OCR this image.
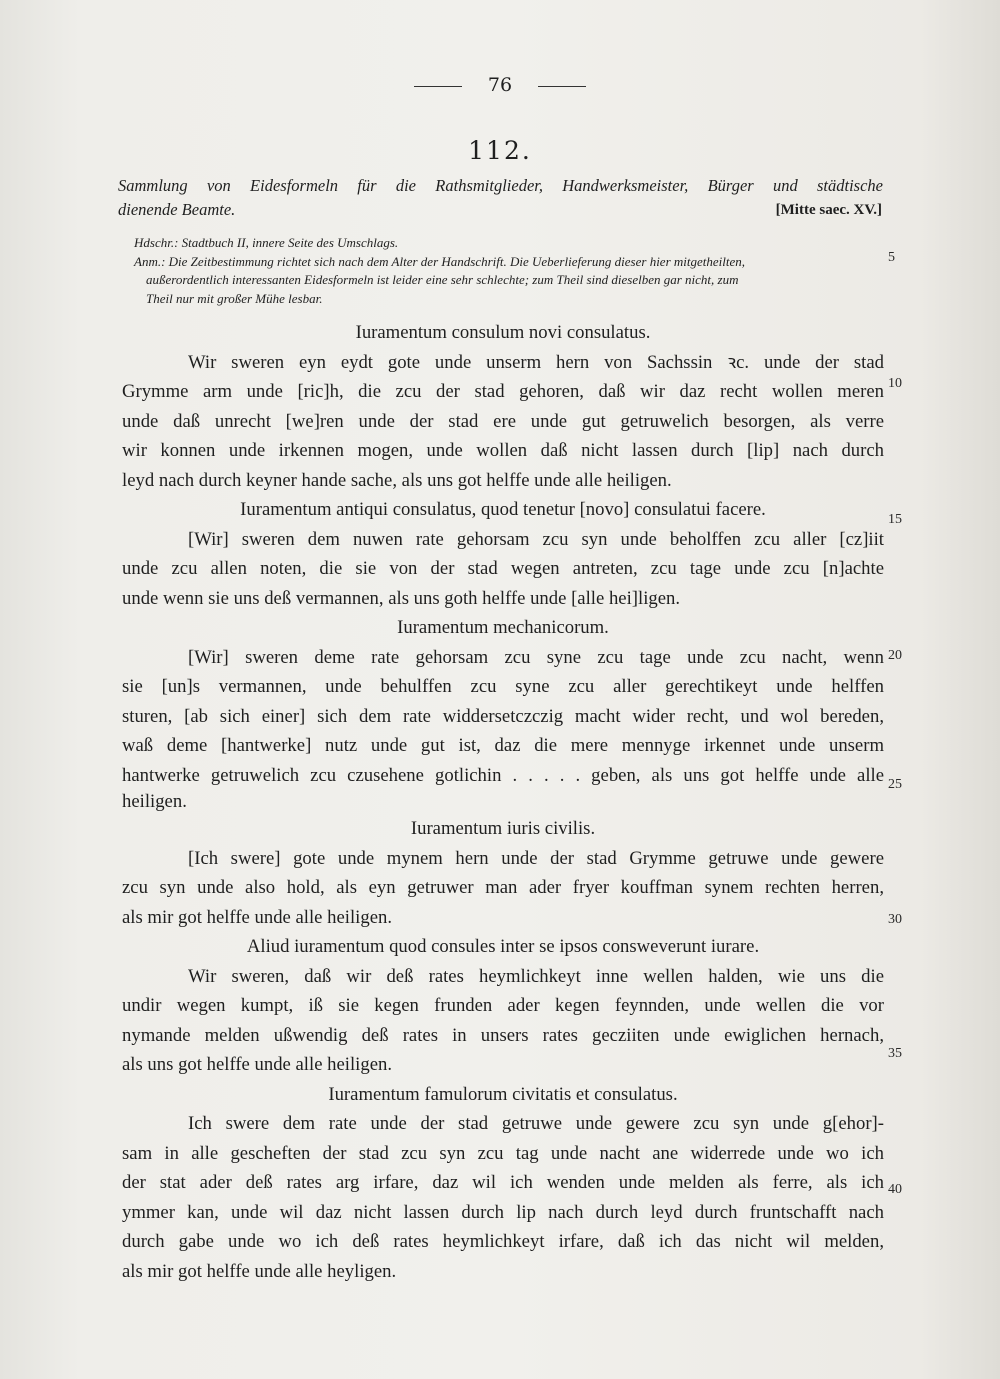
76
112.
Sammlung von Eidesformeln für die Rathsmitglieder, Handwerksmeister, Bürger und städtische
dienende Beamte.	[Mitte saec. XV.]
Hdschr.: Stadtbuch II, innere Seite des Umschlags.
Anm.: Die Zeitbestimmung richtet sich nach dem Alter der Handschrift. Die Ueberlieferung dieser hier mitgetheilten,
außerordentlich interessanten Eidesformeln ist leider eine sehr schlechte; zum Theil sind dieselben gar nicht, zum
Theil nur mit großer Mühe lesbar.
5
Iuramentum consulum novi consulatus.
Wir sweren eyn eydt gote unde unserm hern von Sachssin ꝛc. unde der stad
Grymme arm unde [ric]h, die zcu der stad gehoren, daß wir daz recht wollen meren
unde daß unrecht [we]ren unde der stad ere unde gut getruwelich besorgen, als verre
wir konnen unde irkennen mogen, unde wollen daß nicht lassen durch [lip] nach durch
leyd nach durch keyner hande sache, als uns got helffe unde alle heiligen.
Iuramentum antiqui consulatus, quod tenetur [novo] consulatui facere.
[Wir] sweren dem nuwen rate gehorsam zcu syn unde beholffen zcu aller [cz]iit
unde zcu allen noten, die sie von der stad wegen antreten, zcu tage unde zcu [n]achte
unde wenn sie uns deß vermannen, als uns goth helffe unde [alle hei]ligen.
Iuramentum mechanicorum.
[Wir] sweren deme rate gehorsam zcu syne zcu tage unde zcu nacht, wenn
sie [un]s vermannen, unde behulffen zcu syne zcu aller gerechtikeyt unde helffen
sturen, [ab sich einer] sich dem rate widdersetczczig macht wider recht, und wol bereden,
waß deme [hantwerke] nutz unde gut ist, daz die mere mennyge irkennet unde unserm
hantwerke getruwelich zcu czusehene gotlichin . . . . . geben, als uns got helffe unde alle
heiligen.
Iuramentum iuris civilis.
[Ich swere] gote unde mynem hern unde der stad Grymme getruwe unde gewere
zcu syn unde also hold, als eyn getruwer man ader fryer kouffman synem rechten herren,
als mir got helffe unde alle heiligen.
Aliud iuramentum quod consules inter se ipsos consweverunt iurare.
Wir sweren, daß wir deß rates heymlichkeyt inne wellen halden, wie uns die
undir wegen kumpt, iß sie kegen frunden ader kegen feynnden, unde wellen die vor
nymande melden ußwendig deß rates in unsers rates gecziiten unde ewiglichen hernach,
als uns got helffe unde alle heiligen.
Iuramentum famulorum civitatis et consulatus.
Ich swere dem rate unde der stad getruwe unde gewere zcu syn unde g[ehor]-
sam in alle gescheften der stad zcu syn zcu tag unde nacht ane widerrede unde wo ich
der stat ader deß rates arg irfare, daz wil ich wenden unde melden als ferre, als ich
ymmer kan, unde wil daz nicht lassen durch lip nach durch leyd durch fruntschafft nach
durch gabe unde wo ich deß rates heymlichkeyt irfare, daß ich das nicht wil melden,
als mir got helffe unde alle heyligen.
10
15
20
25
30
35
40
